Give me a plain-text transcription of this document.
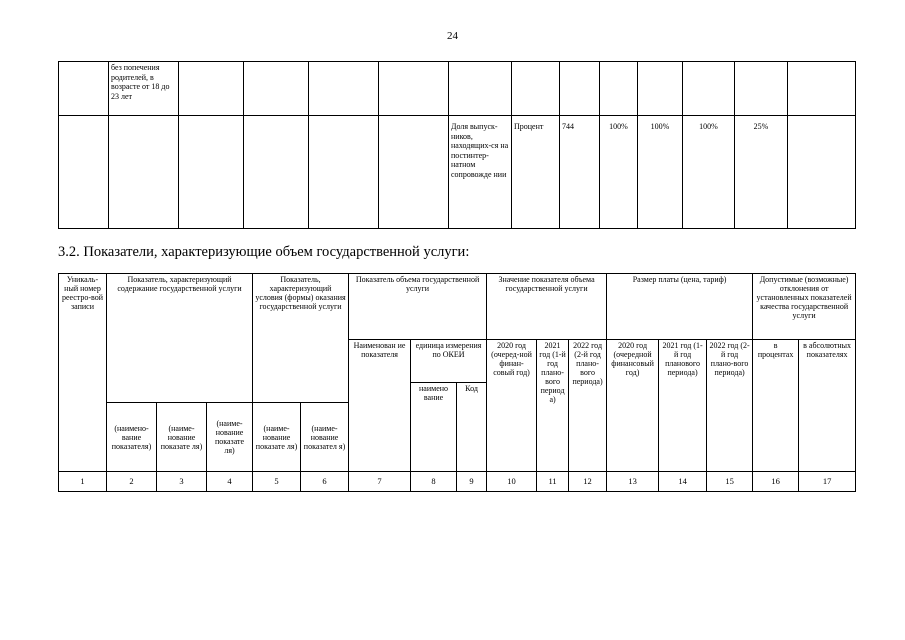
24
	без попечения родителей, в возрасте от 18 до 23 лет												
						Доля выпуск-ников, находящих-ся на постинтер-натном сопровожде нии	Процент	744	100%	100%	100%	25%	
3.2. Показатели, характеризующие объем государственной услуги:
Уникаль-ный номер реестро-вой записи	Показатель, характеризующий содержание государственной услуги			Показатель, характеризующий условия (формы) оказания государственной услуги		Показатель объема государственной услуги			Значение показателя объема государственной услуги			Размер платы (цена, тариф)			Допустимые (возможные) отклонения от установленных показателей качества государственной услуги	
						Наименован ие показателя	единица измерения по ОКЕИ		2020 год (очеред-ной финан-совый год)	2021 год (1-й год плано-вого период а)	2022 год (2-й год плано-вого периода)	2020 год (очередной финансовый год)	2021 год (1-й год планового периода)	2022 год (2-й год плано-вого периода)	в процентах	в абсолютных показателях
							наимено вание	Код								
	(наимено-вание показателя)	(наиме-нование показате ля)	(наиме-нование показате ля)	(наиме-нование показате ля)	(наиме-нование показател я)											
1	2	3	4	5	6	7	8	9	10	11	12	13	14	15	16	17
